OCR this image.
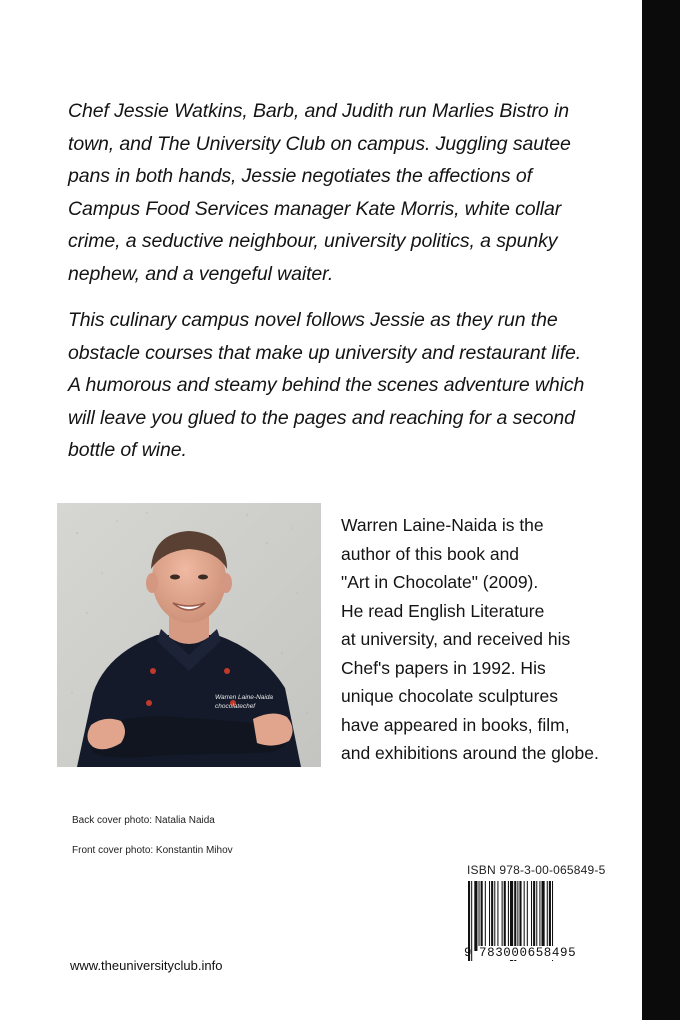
Chef Jessie Watkins, Barb, and Judith run Marlies Bistro in

town, and The University Club on campus. Juggling sautee

pans in both hands, Jessie negotiates the affections of

Campus Food Services manager Kate Morris, white collar

crime, a seductive neighbour, university politics, a spunky

nephew, and a vengeful waiter.

This culinary campus novel follows Jessie as they run the

obstacle courses that make up university and restaurant life.

A humorous and steamy behind the scenes adventure which

will leave you glued to the pages and reaching for a second

bottle of wine.

Warren Laine-Naida
chocolatechef
Warren Laine-Naida is the
author of this book and
"Art in Chocolate" (2009).
He read English Literature
at university, and received his
Chef's papers in 1992. His
unique chocolate sculptures
have appeared in books, film,
and exhibitions around the globe.
Back cover photo: Natalia Naida
Front cover photo: Konstantin Mihov
ISBN 978-3-00-065849-5
9 783000658495
www.theuniversityclub.info
